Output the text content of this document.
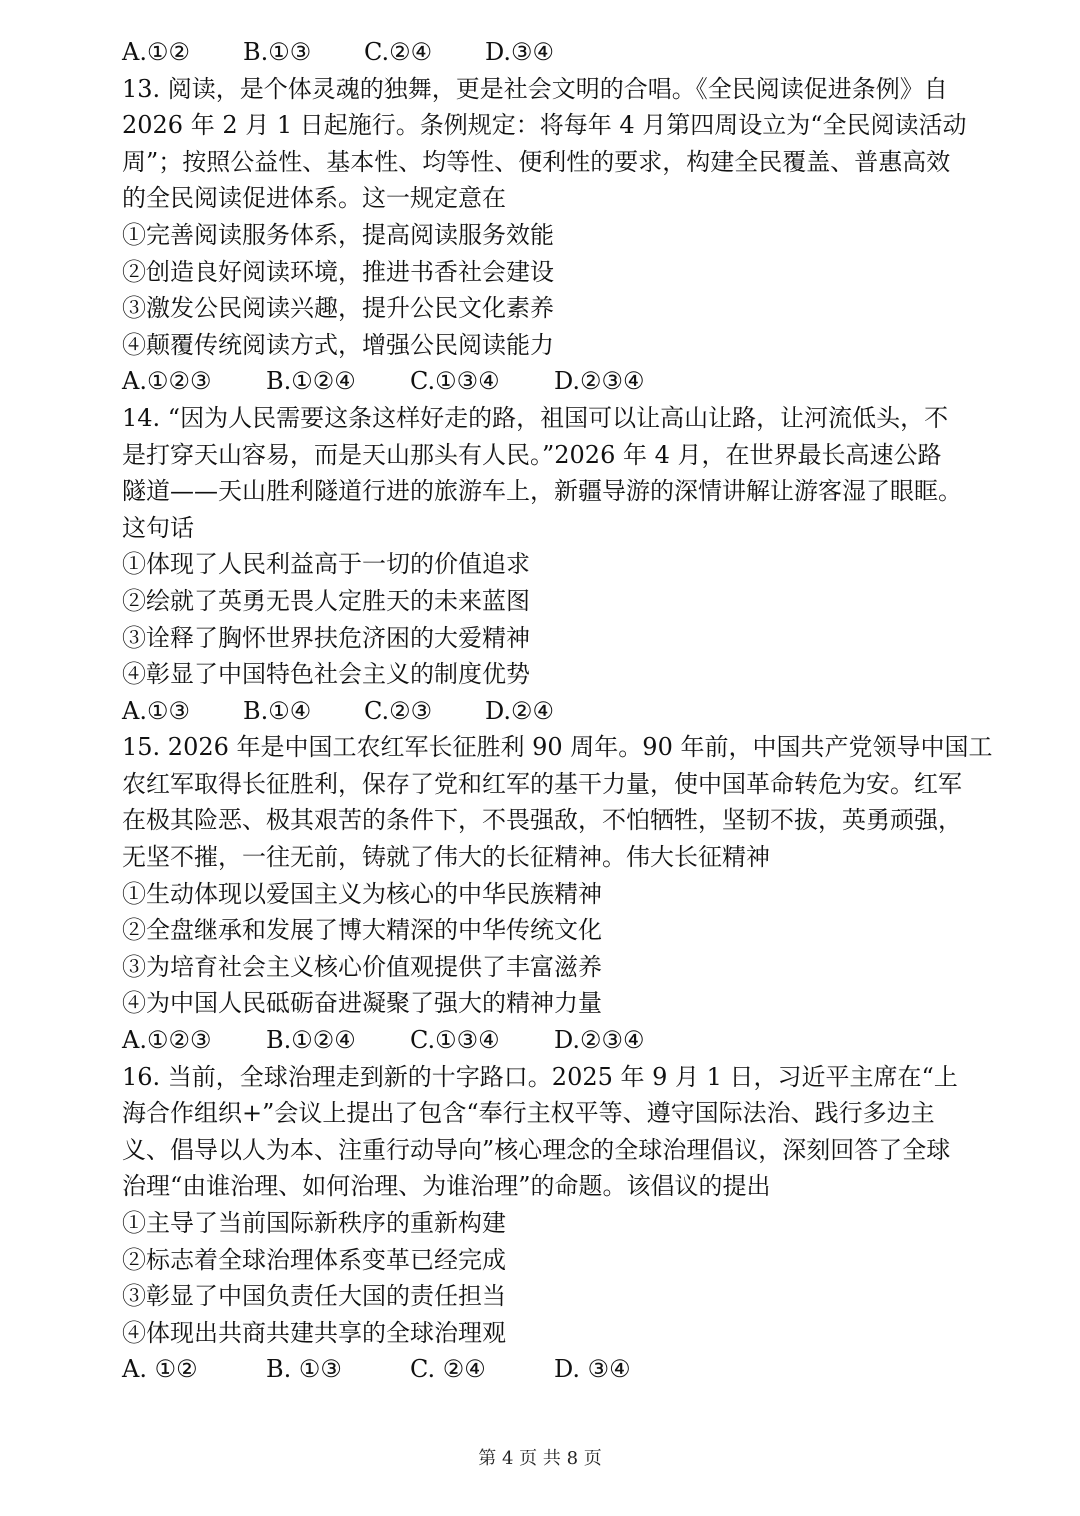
A.①②	B.①③	C.②④	D.③④
13. 阅读，是个体灵魂的独舞，更是社会文明的合唱。《全民阅读促进条例》自
2026 年 2 月 1 日起施行。条例规定：将每年 4 月第四周设立为“全民阅读活动
周”；按照公益性、基本性、均等性、便利性的要求，构建全民覆盖、普惠高效
的全民阅读促进体系。这一规定意在
①完善阅读服务体系，提高阅读服务效能
②创造良好阅读环境，推进书香社会建设
③激发公民阅读兴趣，提升公民文化素养
④颠覆传统阅读方式，增强公民阅读能力
A.①②③	B.①②④	C.①③④	D.②③④
14. “因为人民需要这条这样好走的路，祖国可以让高山让路，让河流低头，不
是打穿天山容易，而是天山那头有人民。”2026 年 4 月，在世界最长高速公路
隧道——天山胜利隧道行进的旅游车上，新疆导游的深情讲解让游客湿了眼眶。
这句话
①体现了人民利益高于一切的价值追求
②绘就了英勇无畏人定胜天的未来蓝图
③诠释了胸怀世界扶危济困的大爱精神
④彰显了中国特色社会主义的制度优势
A.①③	B.①④	C.②③	D.②④
15. 2026 年是中国工农红军长征胜利 90 周年。90 年前，中国共产党领导中国工
农红军取得长征胜利，保存了党和红军的基干力量，使中国革命转危为安。红军
在极其险恶、极其艰苦的条件下，不畏强敌，不怕牺牲，坚韧不拔，英勇顽强，
无坚不摧，一往无前，铸就了伟大的长征精神。伟大长征精神
①生动体现以爱国主义为核心的中华民族精神
②全盘继承和发展了博大精深的中华传统文化
③为培育社会主义核心价值观提供了丰富滋养
④为中国人民砥砺奋进凝聚了强大的精神力量
A.①②③	B.①②④	C.①③④	D.②③④
16. 当前，全球治理走到新的十字路口。2025 年 9 月 1 日，习近平主席在“上
海合作组织+”会议上提出了包含“奉行主权平等、遵守国际法治、践行多边主
义、倡导以人为本、注重行动导向”核心理念的全球治理倡议，深刻回答了全球
治理“由谁治理、如何治理、为谁治理”的命题。该倡议的提出
①主导了当前国际新秩序的重新构建
②标志着全球治理体系变革已经完成
③彰显了中国负责任大国的责任担当
④体现出共商共建共享的全球治理观
A. ①②	B. ①③	C. ②④	D. ③④
第 4 页 共 8 页
